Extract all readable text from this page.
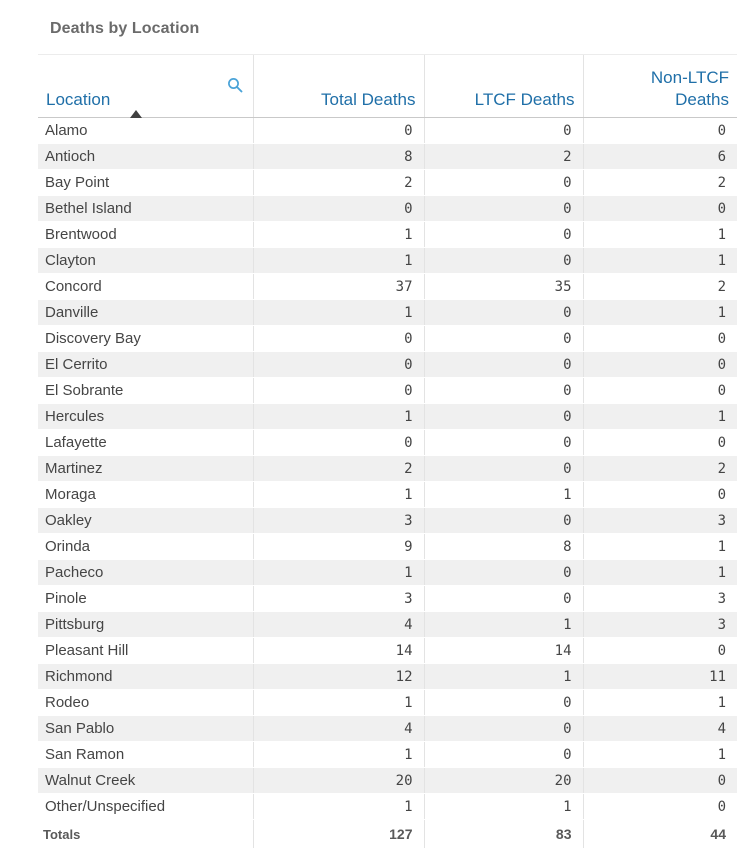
Deaths by Location
Location	Total Deaths	LTCF Deaths	Non-LTCF
Deaths
Alamo	0	0	0
Antioch	8	2	6
Bay Point	2	0	2
Bethel Island	0	0	0
Brentwood	1	0	1
Clayton	1	0	1
Concord	37	35	2
Danville	1	0	1
Discovery Bay	0	0	0
El Cerrito	0	0	0
El Sobrante	0	0	0
Hercules	1	0	1
Lafayette	0	0	0
Martinez	2	0	2
Moraga	1	1	0
Oakley	3	0	3
Orinda	9	8	1
Pacheco	1	0	1
Pinole	3	0	3
Pittsburg	4	1	3
Pleasant Hill	14	14	0
Richmond	12	1	11
Rodeo	1	0	1
San Pablo	4	0	4
San Ramon	1	0	1
Walnut Creek	20	20	0
Other/Unspecified	1	1	0
Totals	127	83	44
